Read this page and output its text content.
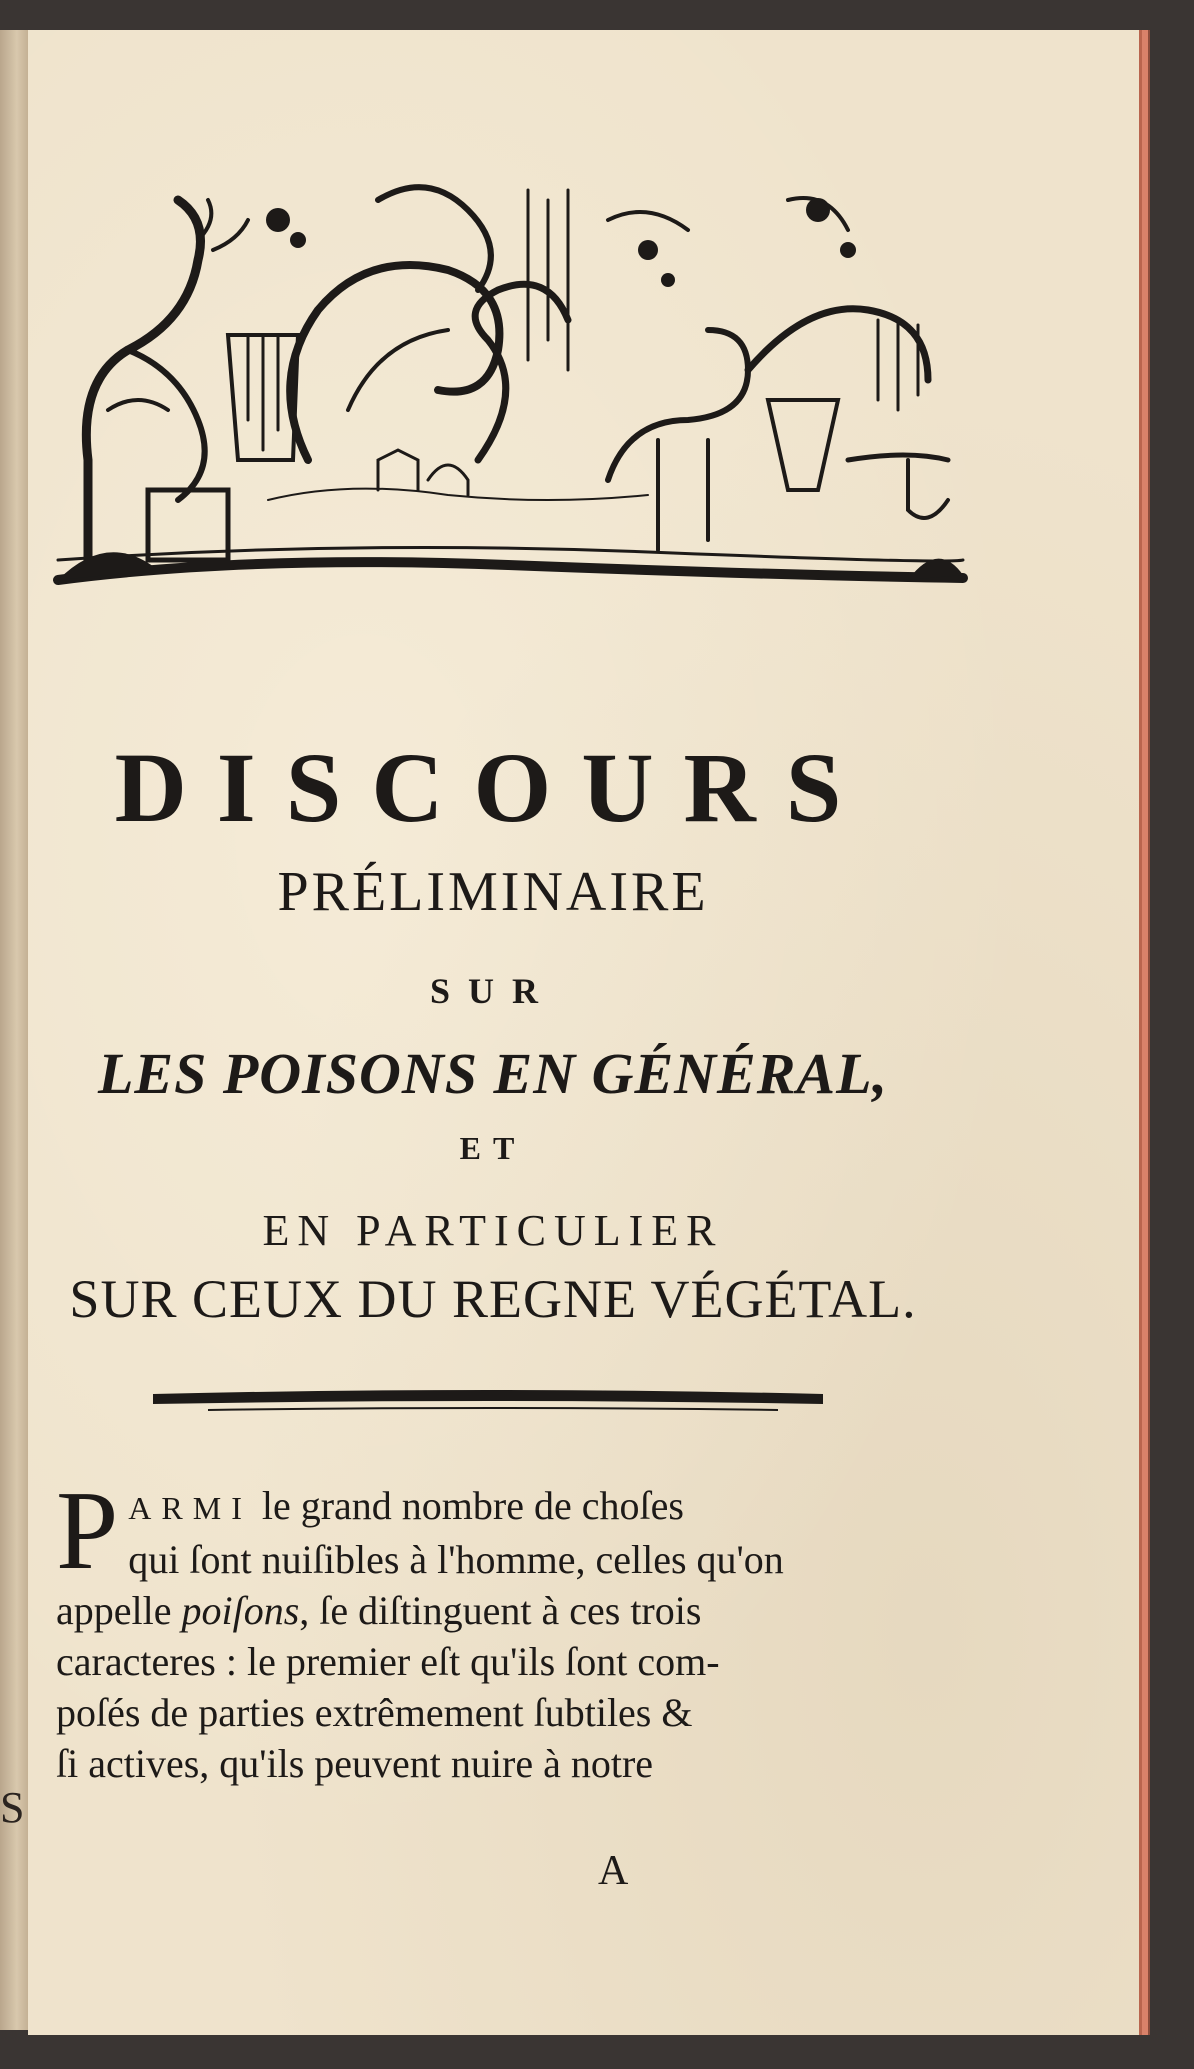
S
DISCOURS
PRÉLIMINAIRE
SUR
LES POISONS EN GÉNÉRAL,
ET
EN PARTICULIER
SUR CEUX DU REGNE VÉGÉTAL.
P ARMI le grand nombre de choſes
qui ſont nuiſibles à l'homme, celles qu'on
appelle poiſons, ſe diſtinguent à ces trois
caracteres : le premier eſt qu'ils ſont com-
poſés de parties extrêmement ſubtiles &
ſi actives, qu'ils peuvent nuire à notre
A
